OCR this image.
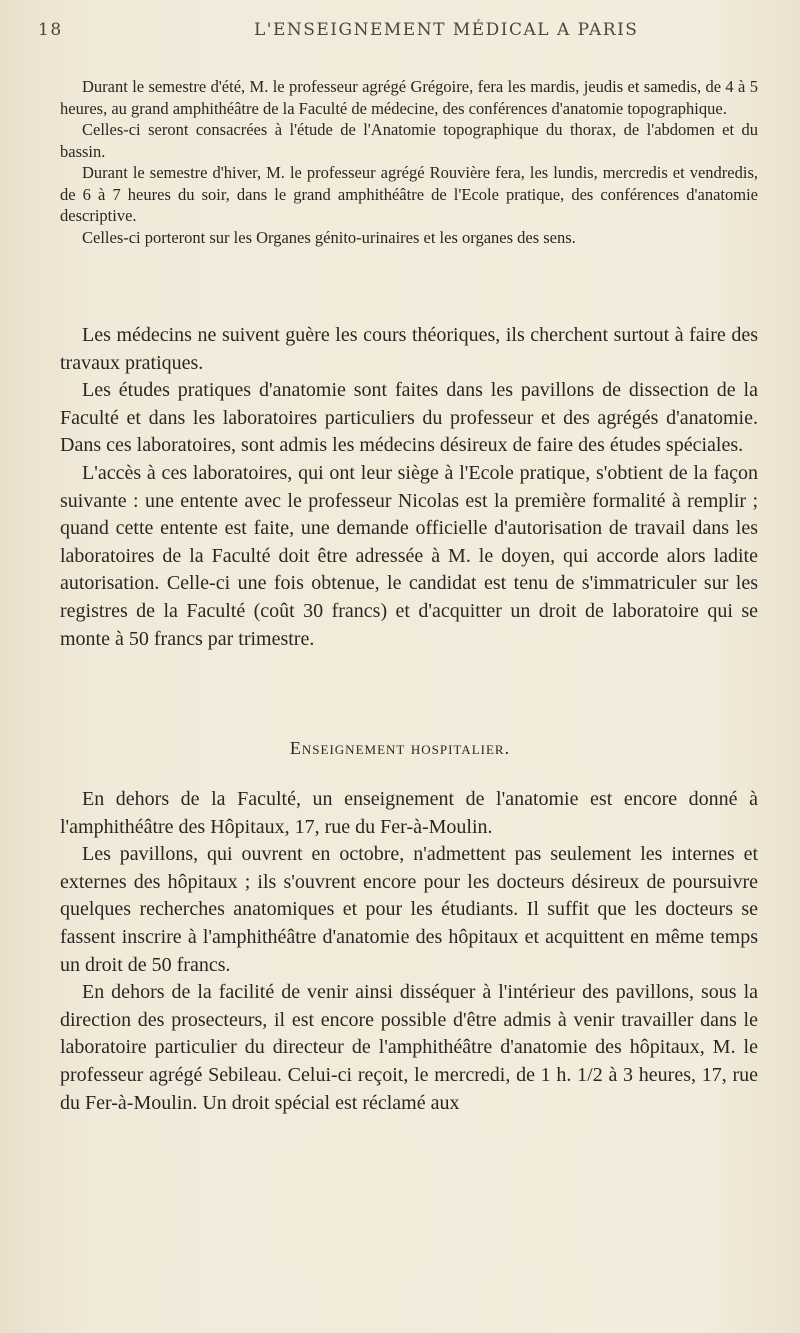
18	L'ENSEIGNEMENT MÉDICAL A PARIS

Durant le semestre d'été, M. le professeur agrégé Grégoire, fera les mardis, jeudis et samedis, de 4 à 5 heures, au grand amphithéâtre de la Faculté de médecine, des conférences d'anatomie topographique.

Celles-ci seront consacrées à l'étude de l'Anatomie topographique du thorax, de l'abdomen et du bassin.

Durant le semestre d'hiver, M. le professeur agrégé Rouvière fera, les lundis, mercredis et vendredis, de 6 à 7 heures du soir, dans le grand amphithéâtre de l'Ecole pratique, des conférences d'anatomie descriptive.

Celles-ci porteront sur les Organes génito-urinaires et les organes des sens.

Les médecins ne suivent guère les cours théoriques, ils cherchent surtout à faire des travaux pratiques.

Les études pratiques d'anatomie sont faites dans les pavillons de dissection de la Faculté et dans les laboratoires particuliers du professeur et des agrégés d'anatomie. Dans ces laboratoires, sont admis les médecins désireux de faire des études spéciales.

L'accès à ces laboratoires, qui ont leur siège à l'Ecole pratique, s'obtient de la façon suivante : une entente avec le professeur Nicolas est la première formalité à remplir ; quand cette entente est faite, une demande officielle d'autorisation de travail dans les laboratoires de la Faculté doit être adressée à M. le doyen, qui accorde alors ladite autorisation. Celle-ci une fois obtenue, le candidat est tenu de s'immatriculer sur les registres de la Faculté (coût 30 francs) et d'acquitter un droit de laboratoire qui se monte à 50 francs par trimestre.

Enseignement hospitalier.

En dehors de la Faculté, un enseignement de l'anatomie est encore donné à l'amphithéâtre des Hôpitaux, 17, rue du Fer-à-Moulin.

Les pavillons, qui ouvrent en octobre, n'admettent pas seulement les internes et externes des hôpitaux ; ils s'ouvrent encore pour les docteurs désireux de poursuivre quelques recherches anatomiques et pour les étudiants. Il suffit que les docteurs se fassent inscrire à l'amphithéâtre d'anatomie des hôpitaux et acquittent en même temps un droit de 50 francs.

En dehors de la facilité de venir ainsi disséquer à l'intérieur des pavillons, sous la direction des prosecteurs, il est encore possible d'être admis à venir travailler dans le laboratoire particulier du directeur de l'amphithéâtre d'anatomie des hôpitaux, M. le professeur agrégé Sebileau. Celui-ci reçoit, le mercredi, de 1 h. 1/2 à 3 heures, 17, rue du Fer-à-Moulin. Un droit spécial est réclamé aux
